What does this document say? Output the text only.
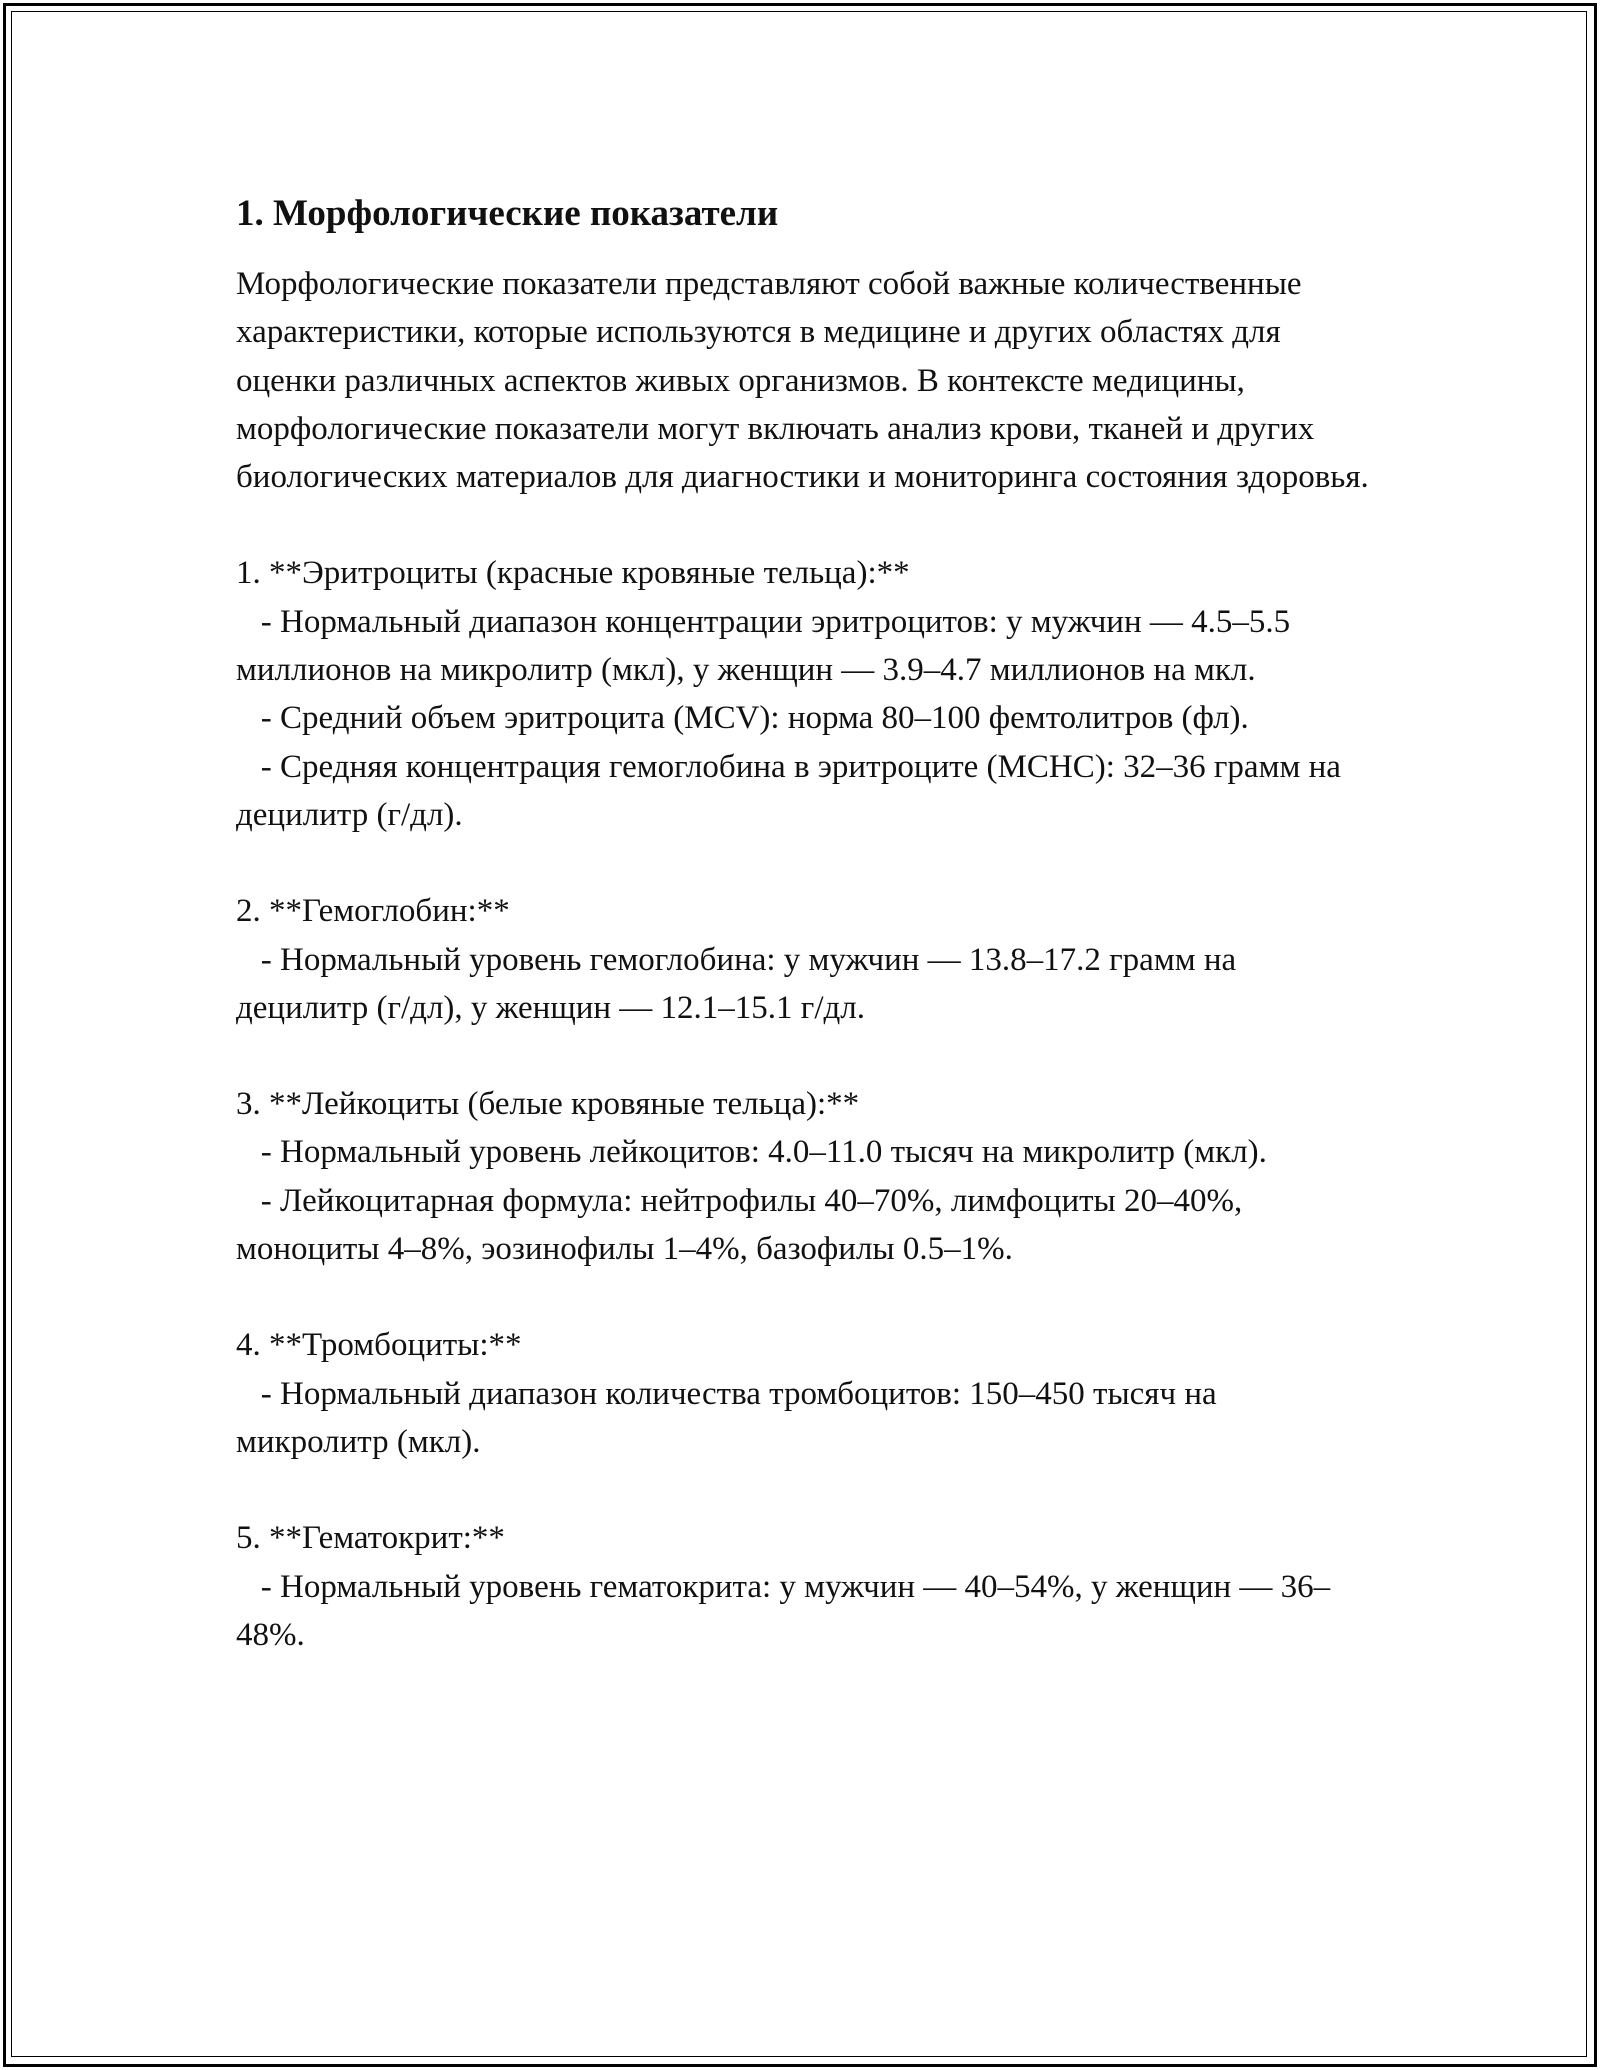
1. Морфологические показатели

Морфологические показатели представляют собой важные количественные характеристики, которые используются в медицине и других областях для оценки различных аспектов живых организмов. В контексте медицины, морфологические показатели могут включать анализ крови, тканей и других биологических материалов для диагностики и мониторинга состояния здоровья.

1. **Эритроциты (красные кровяные тельца):**

- Нормальный диапазон концентрации эритроцитов: у мужчин — 4.5–5.5 миллионов на микролитр (мкл), у женщин — 3.9–4.7 миллионов на мкл.

- Средний объем эритроцита (MCV): норма 80–100 фемтолитров (фл).

- Средняя концентрация гемоглобина в эритроците (MCHC): 32–36 грамм на децилитр (г/дл).

2. **Гемоглобин:**

- Нормальный уровень гемоглобина: у мужчин — 13.8–17.2 грамм на децилитр (г/дл), у женщин — 12.1–15.1 г/дл.

3. **Лейкоциты (белые кровяные тельца):**

- Нормальный уровень лейкоцитов: 4.0–11.0 тысяч на микролитр (мкл).

- Лейкоцитарная формула: нейтрофилы 40–70%, лимфоциты 20–40%, моноциты 4–8%, эозинофилы 1–4%, базофилы 0.5–1%.

4. **Тромбоциты:**

- Нормальный диапазон количества тромбоцитов: 150–450 тысяч на микролитр (мкл).

5. **Гематокрит:**

- Нормальный уровень гематокрита: у мужчин — 40–54%, у женщин — 36–48%.
